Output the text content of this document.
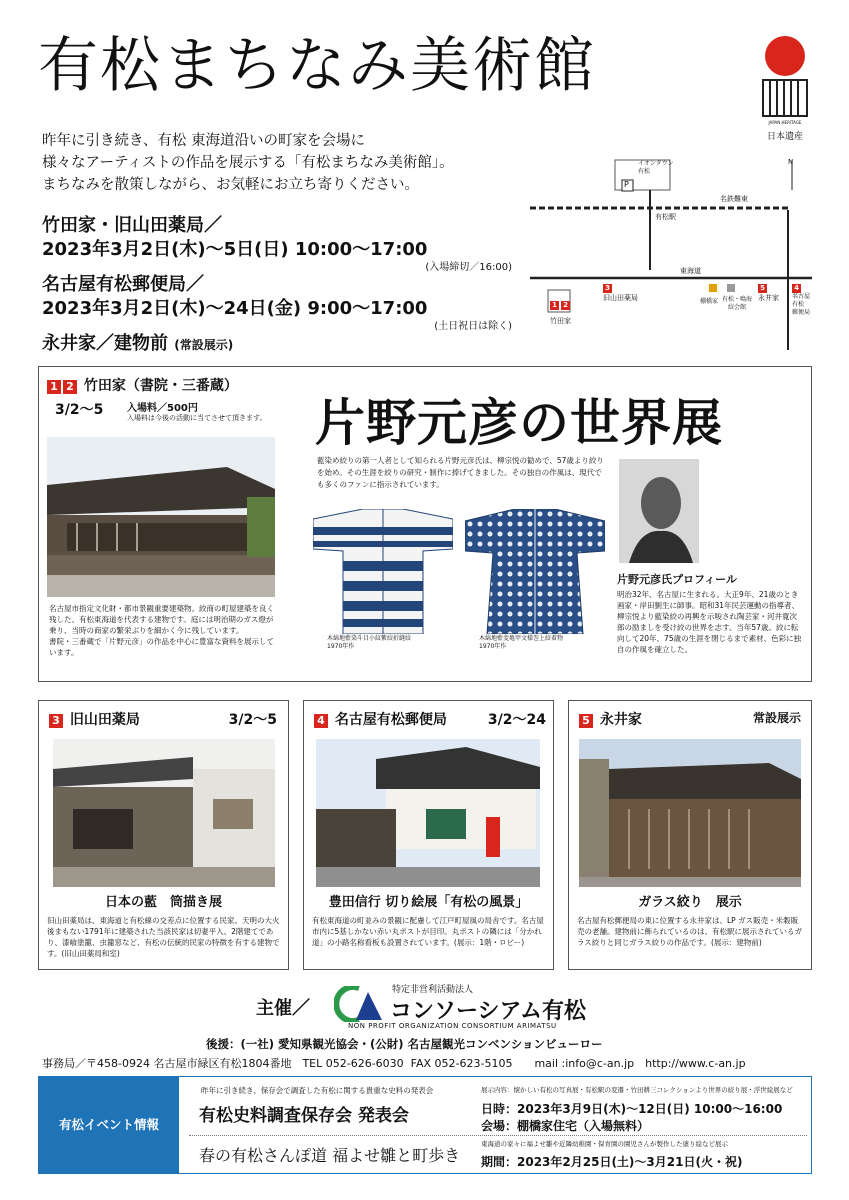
有松まちなみ美術館
JAPAN HERITAGE
日本遺産
昨年に引き続き、有松 東海道沿いの町家を会場に
様々なアーティストの作品を展示する「有松まちなみ美術館」。
まちなみを散策しながら、お気軽にお立ち寄りください。
竹田家・旧山田薬局／
2023年3月2日(木)～5日(日) 10:00～17:00
(入場締切／16:00)
名古屋有松郵便局／
2023年3月2日(木)～24日(金) 9:00～17:00
(土日祝日は除く)
永井家／建物前 (常設展示)
イオンタウン
有松
P
名鉄難東
有松駅
東海道
N
1 2
竹田家
3
旧山田薬局	棚橋家 有松・鳴海
絞会館
5
永井家
4
名古屋
有松
郵便局
1 2 竹田家（書院・三番蔵）
3/2～5 入場料／500円
入場料は今後の活動に当てさせて頂きます。 片野元彦の世界展
名古屋市指定文化財・都市景観重要建築物。絞商の町屋建築を良く残した、有松東海道を代表する建物です。庭には明治期のガス燈が乗り、当時の商家の繁栄ぶりを細かく今に残しています。
書院・三番蔵で「片野元彦」の作品を中心に豊富な資料を展示しています。
藍染め絞りの第一人者として知られる片野元彦氏は、柳宗悦の勧めで、57歳より絞りを始め。その生涯を絞りの研究・制作に捧げてきました。その独自の作風は、現代でも多くのファンに指示されています。
木綿地藍染斗目小紋紫絞折縫絞
1970年作
木綿地藍変亀甲文様巻上絞着物
1970年作
片野元彦氏プロフィール
明治32年、名古屋に生まれる。大正9年、21歳のとき画家・岸田劉生に師事。昭和31年民芸運動の指導者、柳宗悦より藍染絞の再興を示唆され陶芸家・河井寛次郎の励ましを受け絞の世界を志す。当年57歳。絞に転向して20年、75歳の生涯を閉じるまで素材、色彩に独自の作風を確立した。
3 旧山田薬局	3/2～5
日本の藍　筒描き展
旧山田薬局は、東海道と有松線の交差点に位置する民家。天明の大火後まもない1791年に建築された当該民家は切妻平入、2階建てであり、漆喰塗籠、虫籠窓など、有松の伝統的民家の特徴を有する建物です。(旧山田薬局和室)
4 名古屋有松郵便局	3/2～24
豊田信行 切り絵展「有松の風景」
有松東海道の町並みの景観に配慮して江戸町屋風の局舎です。名古屋市内に5基しかない赤い丸ポストが目印。丸ポストの隣には「分かれ道」の小路名称看板も設置されています。(展示：1階・ロビー)
5 永井家	常設展示
ガラス絞り　展示
名古屋有松郵便局の東に位置する永井家は、LP ガス販売・米穀販売の老舗。建物前に飾られているのは、有松駅に展示されているガラス絞りと同じガラス絞りの作品です。(展示：建物前)
主催／
特定非営利活動法人
コンソーシアム有松
NON PROFIT ORGANIZATION CONSORTIUM ARIMATSU
後援：(一社) 愛知県観光協会・(公財) 名古屋観光コンベンションビューロー
事務局／〒458-0924 名古屋市緑区有松1804番地　TEL 052-626-6030  FAX 052-623-5105　　mail :info@c-an.jp　http://www.c-an.jp
有松イベント情報
昨年に引き続き、保存会で調査した有松に関する貴重な史料の発表会
有松史料調査保存会 発表会
展示内容：懐かしい有松の写真展・有松駅の変遷・竹田耕三コレクションより世界の絞り展・浮世絵展など
日時：2023年3月9日(木)～12日(日) 10:00～16:00
会場：棚橋家住宅（入場無料）
春の有松さんぽ道 福よせ雛と町歩き
東海道の家々に福よせ雛や近隣幼稚園・保育園の園児さんが製作した塗り絵など展示
期間：2023年2月25日(土)～3月21日(火・祝)
